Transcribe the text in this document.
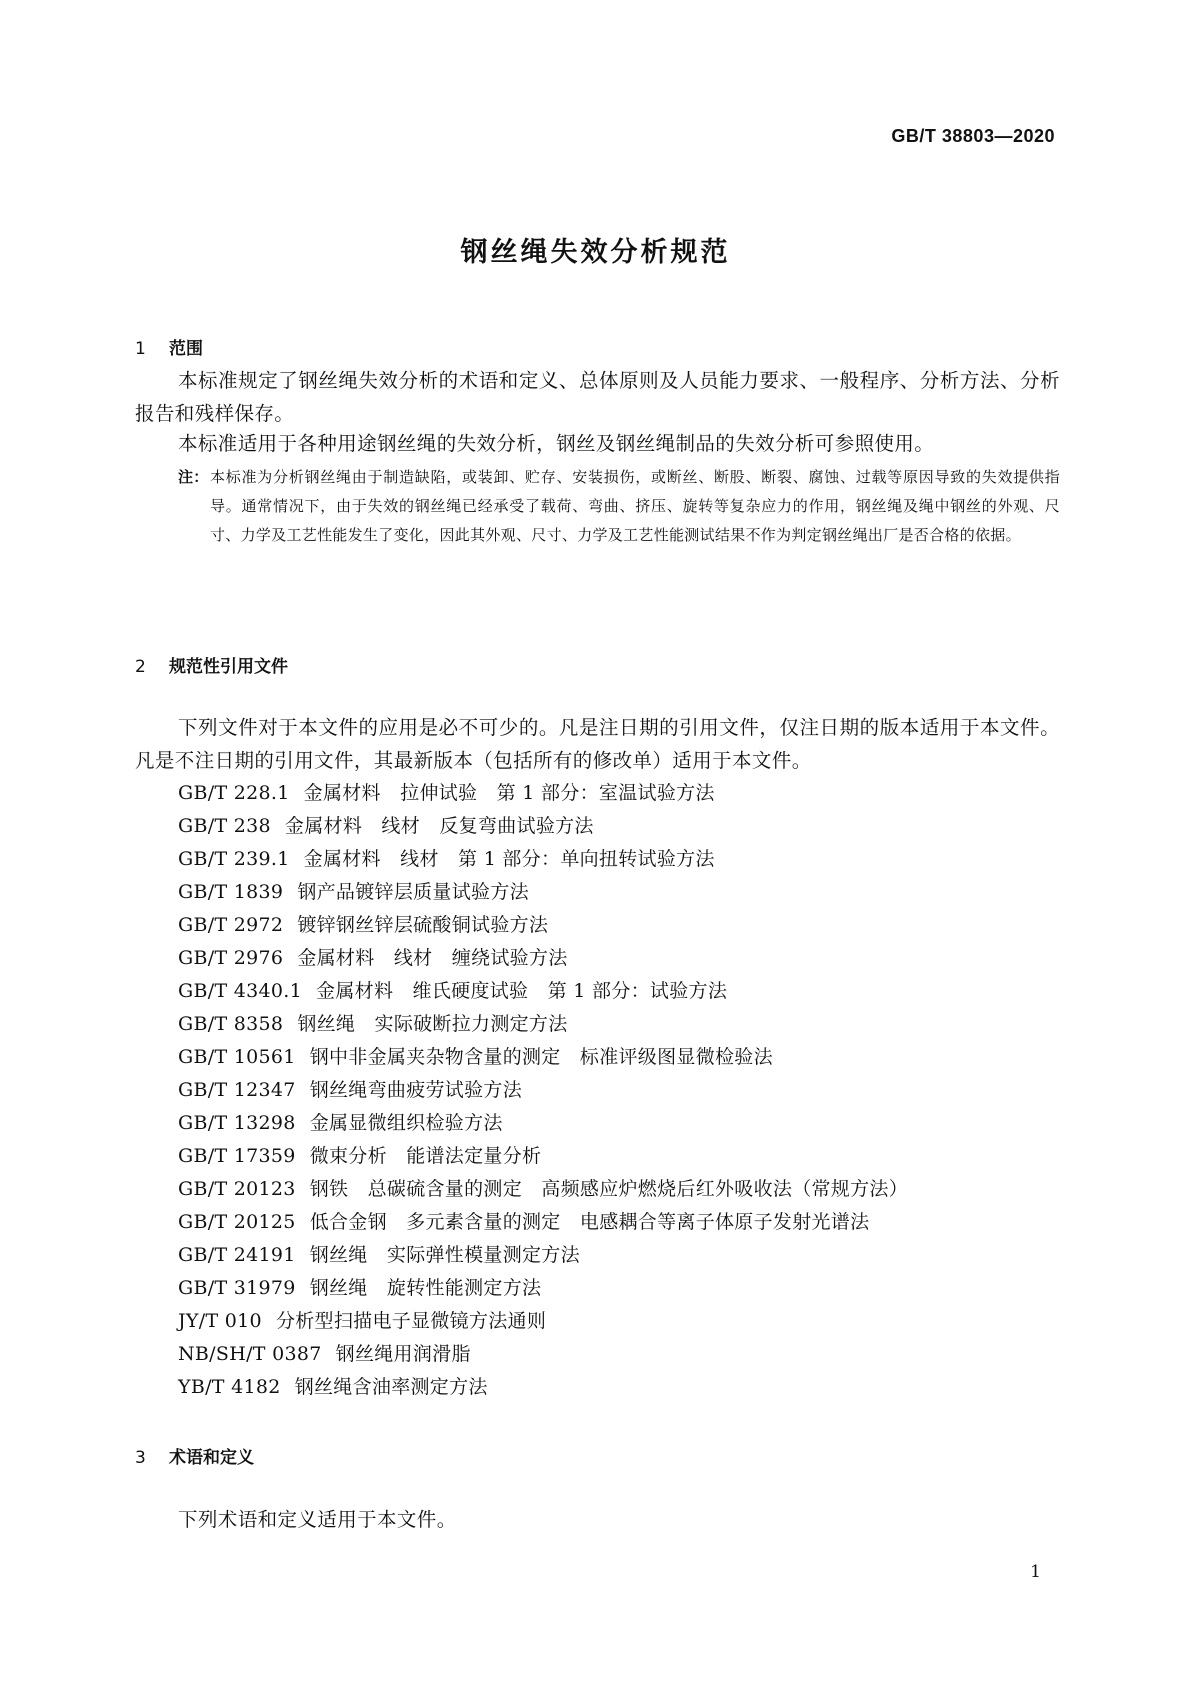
GB/T 38803—2020
钢丝绳失效分析规范
1 范围
本标准规定了钢丝绳失效分析的术语和定义、总体原则及人员能力要求、一般程序、分析方法、分析报告和残样保存。
本标准适用于各种用途钢丝绳的失效分析，钢丝及钢丝绳制品的失效分析可参照使用。
注： 本标准为分析钢丝绳由于制造缺陷，或装卸、贮存、安装损伤，或断丝、断股、断裂、腐蚀、过载等原因导致的失效提供指导。通常情况下，由于失效的钢丝绳已经承受了载荷、弯曲、挤压、旋转等复杂应力的作用，钢丝绳及绳中钢丝的外观、尺寸、力学及工艺性能发生了变化，因此其外观、尺寸、力学及工艺性能测试结果不作为判定钢丝绳出厂是否合格的依据。
2 规范性引用文件
下列文件对于本文件的应用是必不可少的。凡是注日期的引用文件，仅注日期的版本适用于本文件。凡是不注日期的引用文件，其最新版本（包括所有的修改单）适用于本文件。
GB/T 228.1 金属材料　拉伸试验　第 1 部分：室温试验方法
GB/T 238 金属材料　线材　反复弯曲试验方法
GB/T 239.1 金属材料　线材　第 1 部分：单向扭转试验方法
GB/T 1839 钢产品镀锌层质量试验方法
GB/T 2972 镀锌钢丝锌层硫酸铜试验方法
GB/T 2976 金属材料　线材　缠绕试验方法
GB/T 4340.1 金属材料　维氏硬度试验　第 1 部分：试验方法
GB/T 8358 钢丝绳　实际破断拉力测定方法
GB/T 10561 钢中非金属夹杂物含量的测定　标准评级图显微检验法
GB/T 12347 钢丝绳弯曲疲劳试验方法
GB/T 13298 金属显微组织检验方法
GB/T 17359 微束分析　能谱法定量分析
GB/T 20123 钢铁　总碳硫含量的测定　高频感应炉燃烧后红外吸收法（常规方法）
GB/T 20125 低合金钢　多元素含量的测定　电感耦合等离子体原子发射光谱法
GB/T 24191 钢丝绳　实际弹性模量测定方法
GB/T 31979 钢丝绳　旋转性能测定方法
JY/T 010 分析型扫描电子显微镜方法通则
NB/SH/T 0387 钢丝绳用润滑脂
YB/T 4182 钢丝绳含油率测定方法
3 术语和定义
下列术语和定义适用于本文件。
1
